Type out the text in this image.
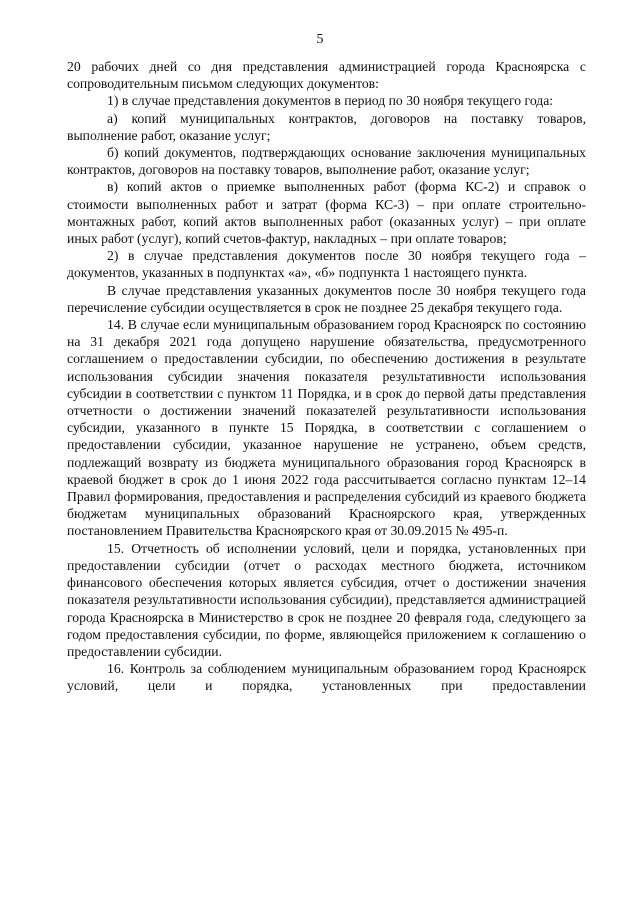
5

20 рабочих дней со дня представления администрацией города Красноярска с сопроводительным письмом следующих документов:

1) в случае представления документов в период по 30 ноября текущего года:

а) копий муниципальных контрактов, договоров на поставку товаров, выполнение работ, оказание услуг;

б) копий документов, подтверждающих основание заключения муниципальных контрактов, договоров на поставку товаров, выполнение работ, оказание услуг;

в) копий актов о приемке выполненных работ (форма КС-2) и справок о стоимости выполненных работ и затрат (форма КС-3) – при оплате строительно-монтажных работ, копий актов выполненных работ (оказанных услуг) – при оплате иных работ (услуг), копий счетов-фактур, накладных – при оплате товаров;

2) в случае представления документов после 30 ноября текущего года – документов, указанных в подпунктах «а», «б» подпункта 1 настоящего пункта.

В случае представления указанных документов после 30 ноября текущего года перечисление субсидии осуществляется в срок не позднее 25 декабря текущего года.

14. В случае если муниципальным образованием город Красноярск по состоянию на 31 декабря 2021 года допущено нарушение обязательства, предусмотренного соглашением о предоставлении субсидии, по обеспечению достижения в результате использования субсидии значения показателя результативности использования субсидии в соответствии с пунктом 11 Порядка, и в срок до первой даты представления отчетности о достижении значений показателей результативности использования субсидии, указанного в пункте 15 Порядка, в соответствии с соглашением о предоставлении субсидии, указанное нарушение не устранено, объем средств, подлежащий возврату из бюджета муниципального образования город Красноярск в краевой бюджет в срок до 1 июня 2022 года рассчитывается согласно пунктам 12–14 Правил формирования, предоставления и распределения субсидий из краевого бюджета бюджетам муниципальных образований Красноярского края, утвержденных постановлением Правительства Красноярского края от 30.09.2015 № 495-п.

15. Отчетность об исполнении условий, цели и порядка, установленных при предоставлении субсидии (отчет о расходах местного бюджета, источником финансового обеспечения которых является субсидия, отчет о достижении значения показателя результативности использования субсидии), представляется администрацией города Красноярска в Министерство в срок не позднее 20 февраля года, следующего за годом предоставления субсидии, по форме, являющейся приложением к соглашению о предоставлении субсидии.

16. Контроль за соблюдением муниципальным образованием город Красноярск условий, цели и порядка, установленных при предоставлении
